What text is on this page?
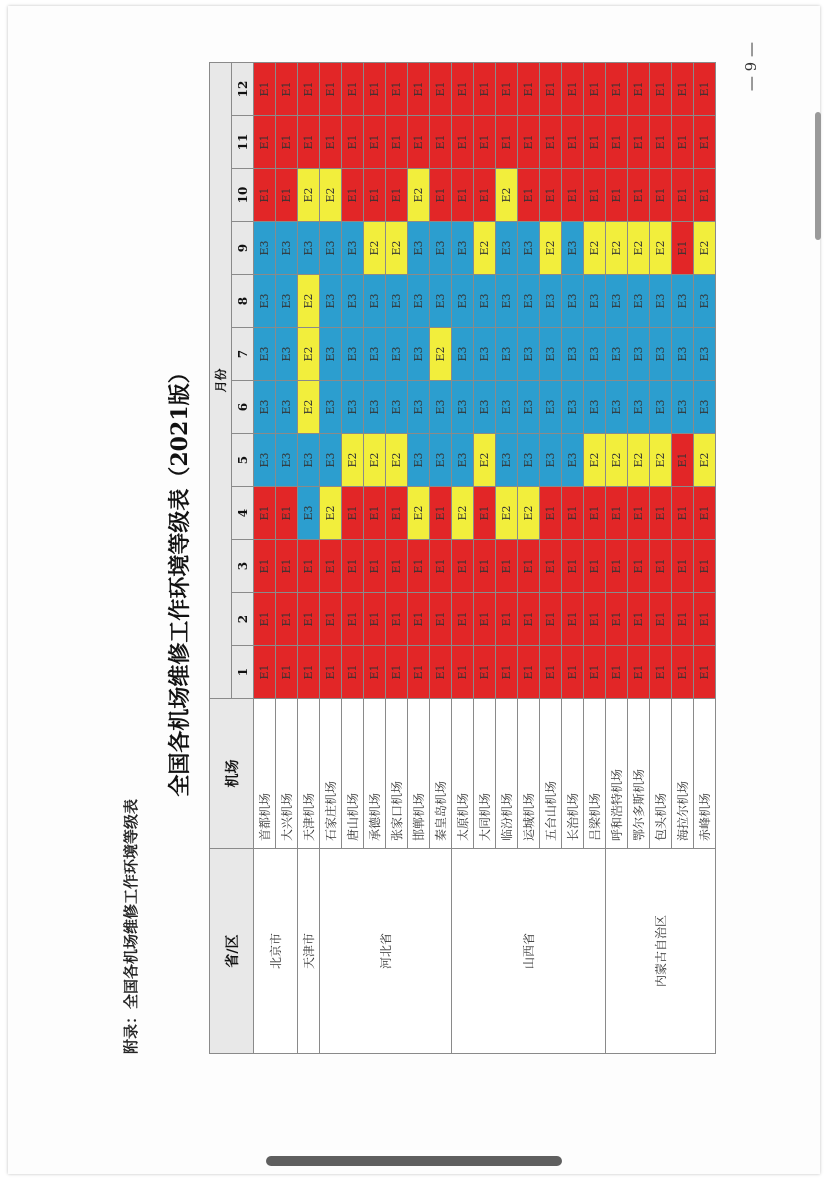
附录：全国各机场维修工作环境等级表
全国各机场维修工作环境等级表（2021版）
省/区	机场	月份											
		1	2	3	4	5	6	7	8	9	10	11	12
北京市	首都机场	E1	E1	E1	E1	E3	E3	E3	E3	E3	E1	E1	E1
	大兴机场	E1	E1	E1	E1	E3	E3	E3	E3	E3	E1	E1	E1
天津市	天津机场	E1	E1	E1	E3	E3	E2	E2	E2	E3	E2	E1	E1
河北省	石家庄机场	E1	E1	E1	E2	E3	E3	E3	E3	E3	E2	E1	E1
	唐山机场	E1	E1	E1	E1	E2	E3	E3	E3	E3	E1	E1	E1
	承德机场	E1	E1	E1	E1	E2	E3	E3	E3	E2	E1	E1	E1
	张家口机场	E1	E1	E1	E1	E2	E3	E3	E3	E2	E1	E1	E1
	邯郸机场	E1	E1	E1	E2	E3	E3	E3	E3	E3	E2	E1	E1
	秦皇岛机场	E1	E1	E1	E1	E3	E3	E2	E3	E3	E1	E1	E1
山西省	太原机场	E1	E1	E1	E2	E3	E3	E3	E3	E3	E1	E1	E1
	大同机场	E1	E1	E1	E1	E2	E3	E3	E3	E2	E1	E1	E1
	临汾机场	E1	E1	E1	E2	E3	E3	E3	E3	E3	E2	E1	E1
	运城机场	E1	E1	E1	E2	E3	E3	E3	E3	E3	E1	E1	E1
	五台山机场	E1	E1	E1	E1	E3	E3	E3	E3	E2	E1	E1	E1
	长治机场	E1	E1	E1	E1	E3	E3	E3	E3	E3	E1	E1	E1
	吕梁机场	E1	E1	E1	E1	E2	E3	E3	E3	E2	E1	E1	E1
内蒙古自治区	呼和浩特机场	E1	E1	E1	E1	E2	E3	E3	E3	E2	E1	E1	E1
	鄂尔多斯机场	E1	E1	E1	E1	E2	E3	E3	E3	E2	E1	E1	E1
	包头机场	E1	E1	E1	E1	E2	E3	E3	E3	E2	E1	E1	E1
	海拉尔机场	E1	E1	E1	E1	E1	E3	E3	E3	E1	E1	E1	E1
	赤峰机场	E1	E1	E1	E1	E2	E3	E3	E3	E2	E1	E1	E1 — 9 —
